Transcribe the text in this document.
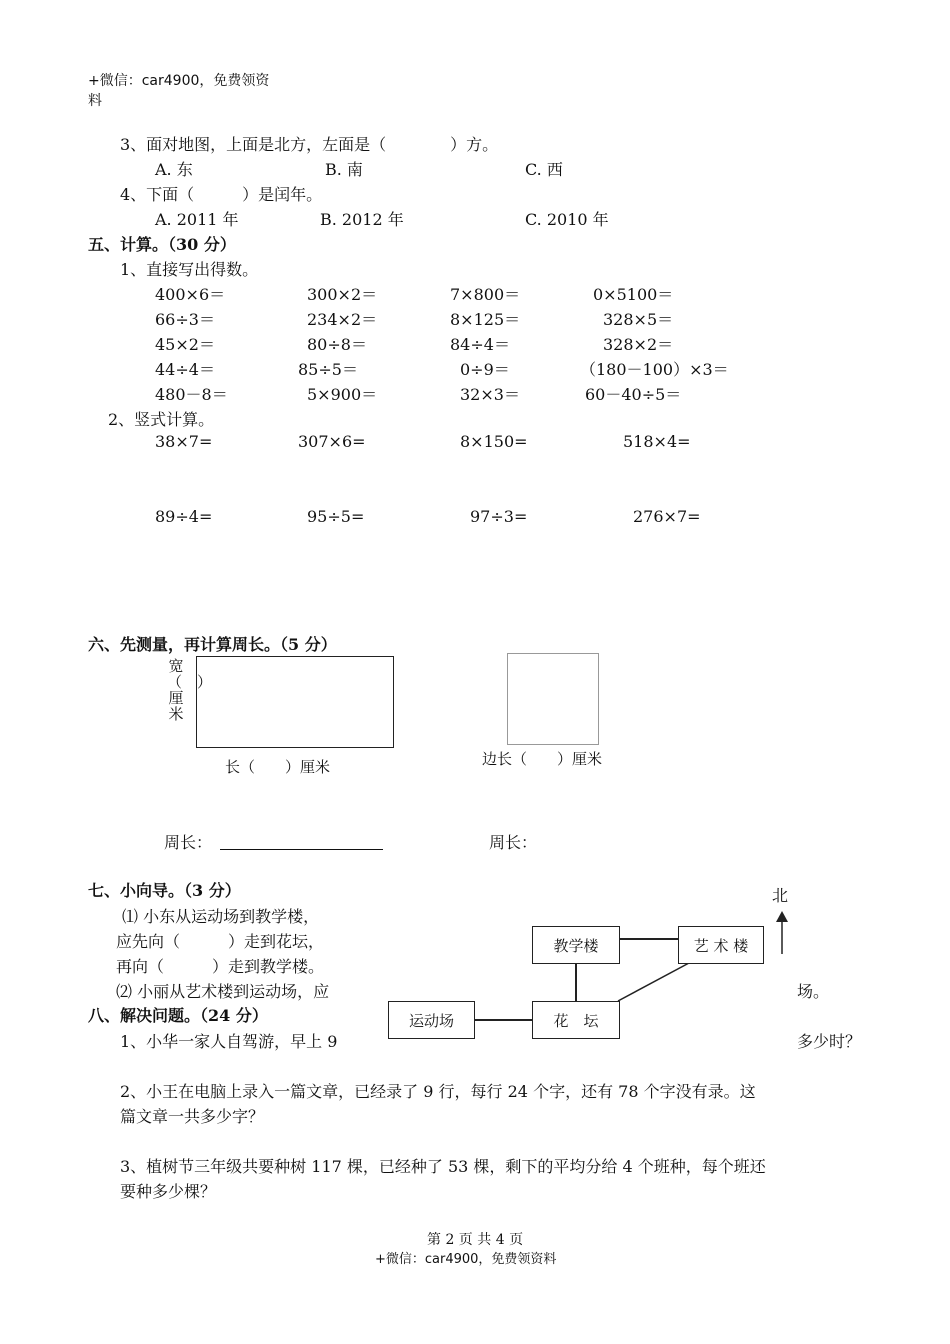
+微信：car4900，免费领资
料
3、面对地图，上面是北方，左面是（　　　　）方。
A. 东	B. 南	C. 西
4、下面（　　　）是闰年。
A. 2011 年	B. 2012 年	C. 2010 年
五、计算。（30 分）
1、直接写出得数。
400×6＝	300×2＝	7×800＝	0×5100＝
66÷3＝	234×2＝	8×125＝	328×5＝
45×2＝	80÷8＝	84÷4＝	328×2＝
44÷4＝	85÷5＝	0÷9＝	（180－100）×3＝
480－8＝	5×900＝	32×3＝	60－40÷5＝
2、竖式计算。
38×7=	307×6=	8×150=	518×4=
89÷4=	95÷5=	97÷3=	276×7=
六、先测量，再计算周长。（5 分）
宽（　）厘米
长（　　）厘米	边长（　　）厘米
周长：	周长：
七、小向导。（3 分）
⑴ 小东从运动场到教学楼，
应先向（　　　）走到花坛，
再向（　　　）走到教学楼。
⑵ 小丽从艺术楼到运动场，应	场。
八、解决问题。（24 分）
1、小华一家人自驾游，早上 9	多少时？
2、小王在电脑上录入一篇文章，已经录了 9 行，每行 24 个字，还有 78 个字没有录。这
篇文章一共多少字？
3、植树节三年级共要种树 117 棵，已经种了 53 棵，剩下的平均分给 4 个班种，每个班还
要种多少棵？
北
教学楼	艺 术 楼
花　坛
运动场
第 2 页 共 4 页
+微信：car4900，免费领资料
